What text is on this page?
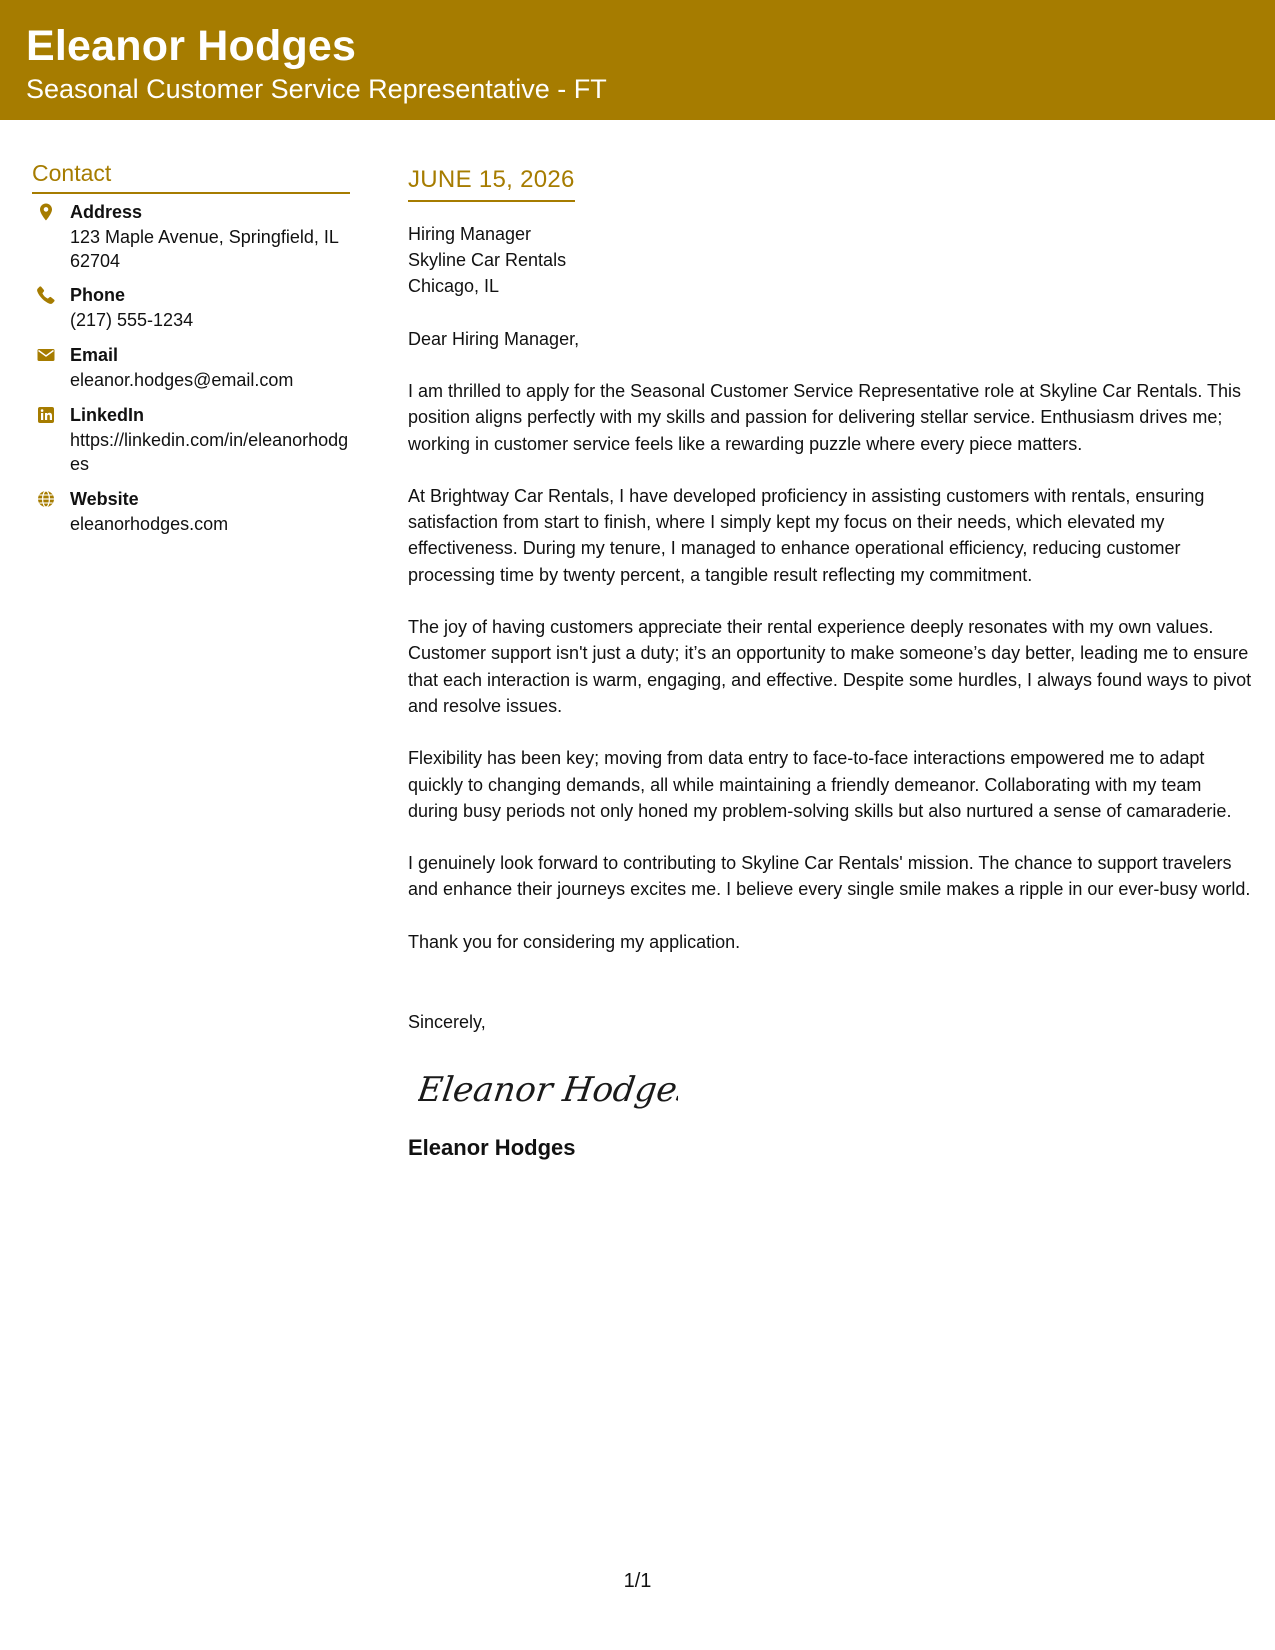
Eleanor Hodges
Seasonal Customer Service Representative - FT
Contact
Address
123 Maple Avenue, Springfield, IL 62704
Phone
(217) 555-1234
Email
eleanor.hodges@email.com
LinkedIn
https://linkedin.com/in/eleanorhodges
Website
eleanorhodges.com
JUNE 15, 2026
Hiring Manager
Skyline Car Rentals
Chicago, IL
Dear Hiring Manager,
I am thrilled to apply for the Seasonal Customer Service Representative role at Skyline Car Rentals. This position aligns perfectly with my skills and passion for delivering stellar service. Enthusiasm drives me; working in customer service feels like a rewarding puzzle where every piece matters.
At Brightway Car Rentals, I have developed proficiency in assisting customers with rentals, ensuring satisfaction from start to finish, where I simply kept my focus on their needs, which elevated my effectiveness. During my tenure, I managed to enhance operational efficiency, reducing customer processing time by twenty percent, a tangible result reflecting my commitment.
The joy of having customers appreciate their rental experience deeply resonates with my own values. Customer support isn't just a duty; it’s an opportunity to make someone’s day better, leading me to ensure that each interaction is warm, engaging, and effective. Despite some hurdles, I always found ways to pivot and resolve issues.
Flexibility has been key; moving from data entry to face-to-face interactions empowered me to adapt quickly to changing demands, all while maintaining a friendly demeanor. Collaborating with my team during busy periods not only honed my problem-solving skills but also nurtured a sense of camaraderie.
I genuinely look forward to contributing to Skyline Car Rentals' mission. The chance to support travelers and enhance their journeys excites me. I believe every single smile makes a ripple in our ever-busy world.
Thank you for considering my application.
Sincerely,
Eleanor Hodges
Eleanor Hodges
1/1
